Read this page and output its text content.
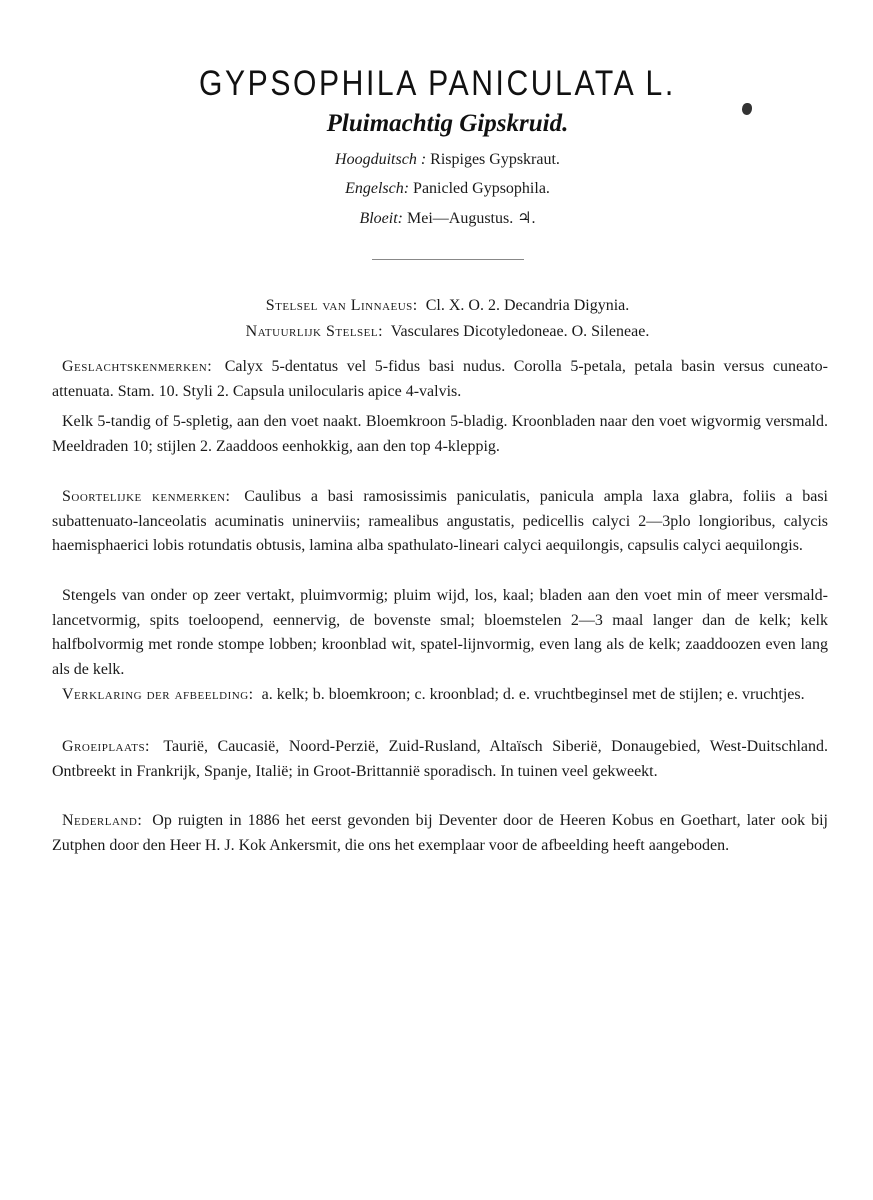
GYPSOPHILA PANICULATA L.
Pluimachtig Gipskruid.
Hoogduitsch : Rispiges Gypskraut.
Engelsch: Panicled Gypsophila.
Bloeit: Mei—Augustus. ♃.
Stelsel van Linnaeus: Cl. X. O. 2. Decandria Digynia.
Natuurlijk Stelsel: Vasculares Dicotyledoneae. O. Sileneae.
Geslachtskenmerken: Calyx 5-dentatus vel 5-fidus basi nudus. Corolla 5-petala, petala basin versus cuneato-attenuata. Stam. 10. Styli 2. Capsula unilocularis apice 4-valvis.
Kelk 5-tandig of 5-spletig, aan den voet naakt. Bloemkroon 5-bladig. Kroonbladen naar den voet wigvormig versmald. Meeldraden 10; stijlen 2. Zaaddoos eenhokkig, aan den top 4-kleppig.
Soortelijke kenmerken: Caulibus a basi ramosissimis paniculatis, panicula ampla laxa glabra, foliis a basi subattenuato-lanceolatis acuminatis uninerviis; ramealibus angustatis, pedicellis calyci 2—3plo longioribus, calycis haemisphaerici lobis rotundatis obtusis, lamina alba spathulato-lineari calyci aequilongis, capsulis calyci aequilongis.
Stengels van onder op zeer vertakt, pluimvormig; pluim wijd, los, kaal; bladen aan den voet min of meer versmald-lancetvormig, spits toeloopend, eennervig, de bovenste smal; bloemstelen 2—3 maal langer dan de kelk; kelk halfbolvormig met ronde stompe lobben; kroonblad wit, spatel-lijnvormig, even lang als de kelk; zaaddoozen even lang als de kelk.
Verklaring der afbeelding: a. kelk; b. bloemkroon; c. kroonblad; d. e. vruchtbeginsel met de stijlen; e. vruchtjes.
Groeiplaats: Taurië, Caucasië, Noord-Perzië, Zuid-Rusland, Altaïsch Siberië, Donaugebied, West-Duitschland. Ontbreekt in Frankrijk, Spanje, Italië; in Groot-Brittannië sporadisch. In tuinen veel gekweekt.
Nederland: Op ruigten in 1886 het eerst gevonden bij Deventer door de Heeren Kobus en Goethart, later ook bij Zutphen door den Heer H. J. Kok Ankersmit, die ons het exemplaar voor de afbeelding heeft aangeboden.
